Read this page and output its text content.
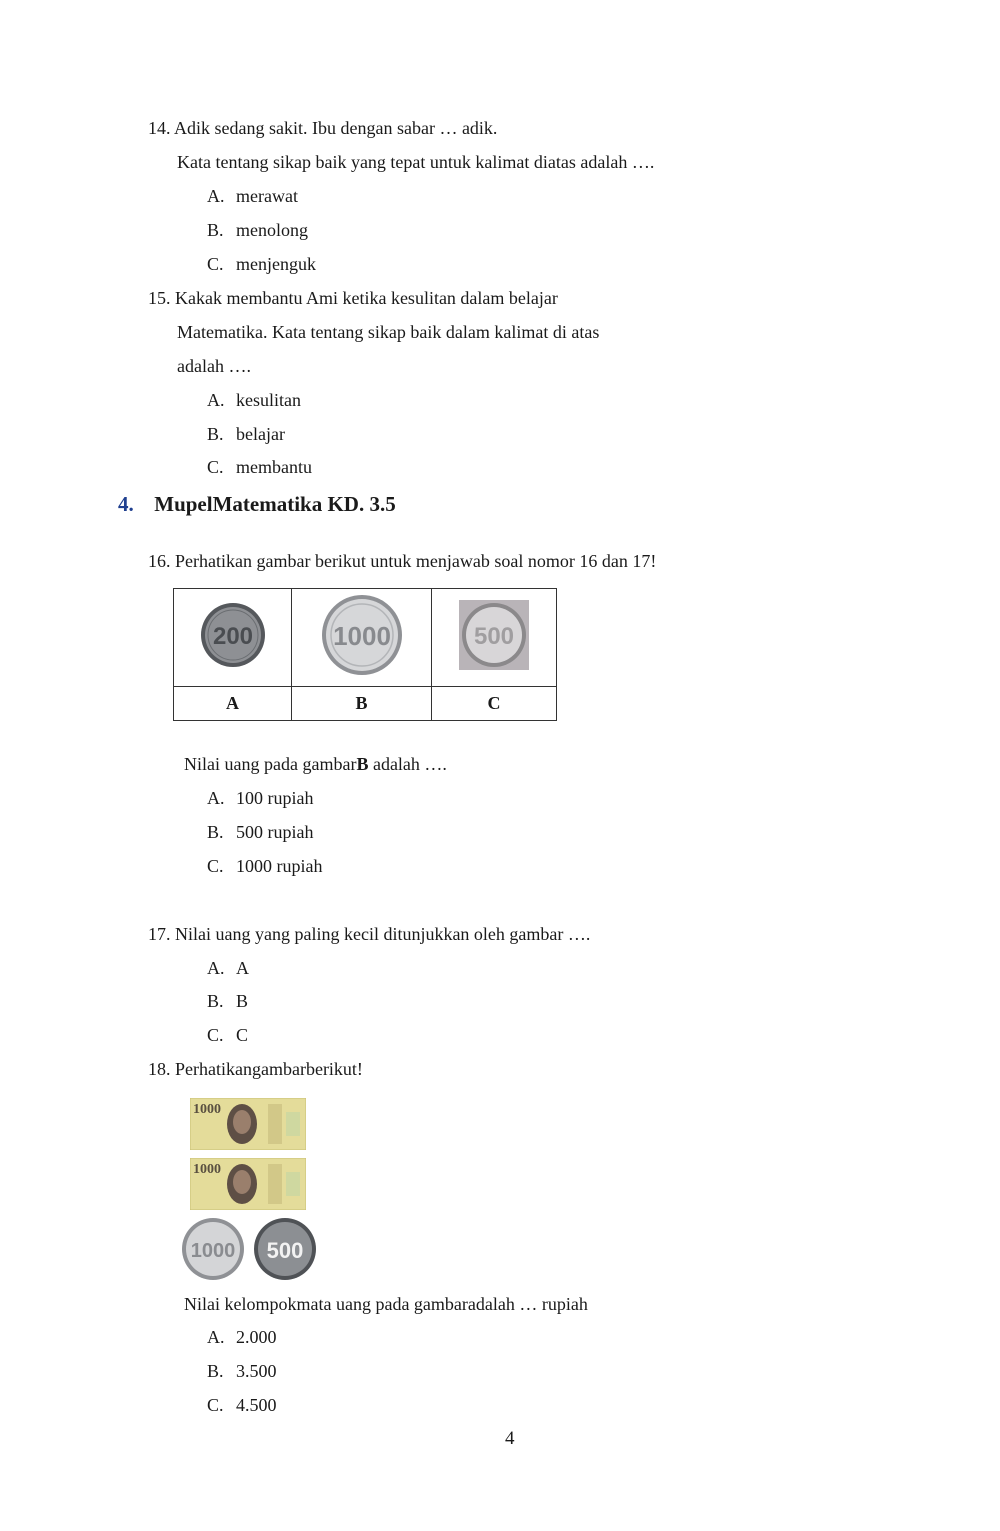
14. Adik sedang sakit. Ibu dengan sabar … adik.
Kata tentang sikap baik yang tepat untuk kalimat diatas adalah ….
A. merawat
B. menolong
C. menjenguk
15. Kakak membantu Ami ketika kesulitan dalam belajar
Matematika. Kata tentang sikap baik dalam kalimat di atas
adalah ….
A. kesulitan
B. belajar
C. membantu
4. MupelMatematika KD. 3.5
16. Perhatikan gambar berikut untuk menjawab soal nomor 16 dan 17!
200	1000	500

A	B	C
Nilai uang pada gambarB adalah ….
A. 100 rupiah
B. 500 rupiah
C. 1000 rupiah
17. Nilai uang yang paling kecil ditunjukkan oleh gambar ….
A. A
B. B
C. C
18. Perhatikangambarberikut!
1000
1000
1000 500
Nilai kelompokmata uang pada gambaradalah … rupiah
A. 2.000
B. 3.500
C. 4.500
4
